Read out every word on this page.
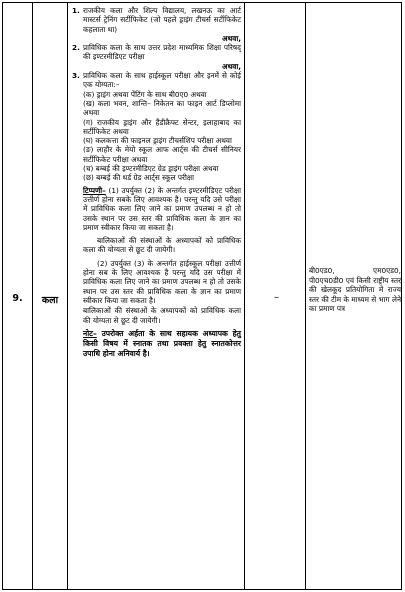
9.	कला	–
1. राजकीय कला और शिल्प विद्यालय, लखनऊ का आर्ट मास्टर्स ट्रेनिंग सर्टीफिकेट (जो पहले ड्राइंग टीचर्स सर्टीफिकेट कहलाता था)
अथवा,
2. प्राविधिक कला के साथ उत्तर प्रदेश माध्यमिक शिक्षा परिषद् की इण्टरमीडिएट परीक्षा
अथवा,
3. प्राविधिक कला के साथ हाईस्कूल परीक्षा और इनमें से कोई एक योग्यता:–
(क) ड्राइंग अथवा पेंटिंग के साथ बी0ए0 अथवा
(ख) कला भवन, शान्ति– निकेतन का फाइन आर्ट डिप्लोमा अथवा
(ग) राजकीय ड्राइंग और हैंडीक्रैफ्ट सेन्टर, इलाहाबाद का सर्टीफिकेट अथवा
(घ) कलकत्ता की फाइनल ड्राइंग टीचर्सशिप परीक्षा अथवा
(ङ) लाहौर के मेयो स्कूल आफ आर्ट्स की टीचर्स सीनियर सर्टीफिकेट परीक्षा अथवा
(च) बम्बई की इण्टरमीडिएट ग्रेड ड्राइंग परीक्षा अथवा
(छ) बम्बई की थर्ड ग्रेड आर्ट्स स्कूल परीक्षा
टिप्पणी– (1) उपर्युक्त (2) के अन्तर्गत इण्टरमीडिएट परीक्षा उत्तीर्ण होना सबके लिए आवश्यक है। परन्तु यदि उसे परीक्षा में प्राविधिक कला लिए जाने का प्रमाण उपलब्ध न हो तो उसके स्थान पर उस स्तर की प्राविधिक कला के ज्ञान का प्रमाण स्वीकार किया जा सकता है।
बालिकाओं की संस्थाओं के अध्यापकों को प्राविधिक कला की योग्यता से छूट दी जायेगी।
(2) उपर्युक्त (3) के अन्तर्गत हाईस्कूल परीक्षा उत्तीर्ण होना सब के लिए आवश्यक है परन्तु यदि उस परीक्षा में प्राविधिक कला लिए जाने का प्रमाण उपलब्ध न हो तो उसके स्थान पर उस स्तर की प्राविधिक कला के ज्ञान का प्रमाण स्वीकार किया जा सकता है।
बालिकाओं की संस्थाओं के अध्यापकों को प्राविधिक कला की योग्यता से छूट दी जायेगी।
नोट– उपरोक्त अर्हता के साथ सहायक अध्यापक हेतु किसी विषय में स्नातक तथा प्रवक्ता हेतु स्नातकोत्तर उपाधि होना अनिवार्य है।
बी0एड0, एम0एड0, पी0एच0डी0 एवं किसी राष्ट्रीय स्तर की खेलकूद प्रतियोगिता में राज्य स्तर की टीम के माध्यम से भाग लेने का प्रमाण पत्र
